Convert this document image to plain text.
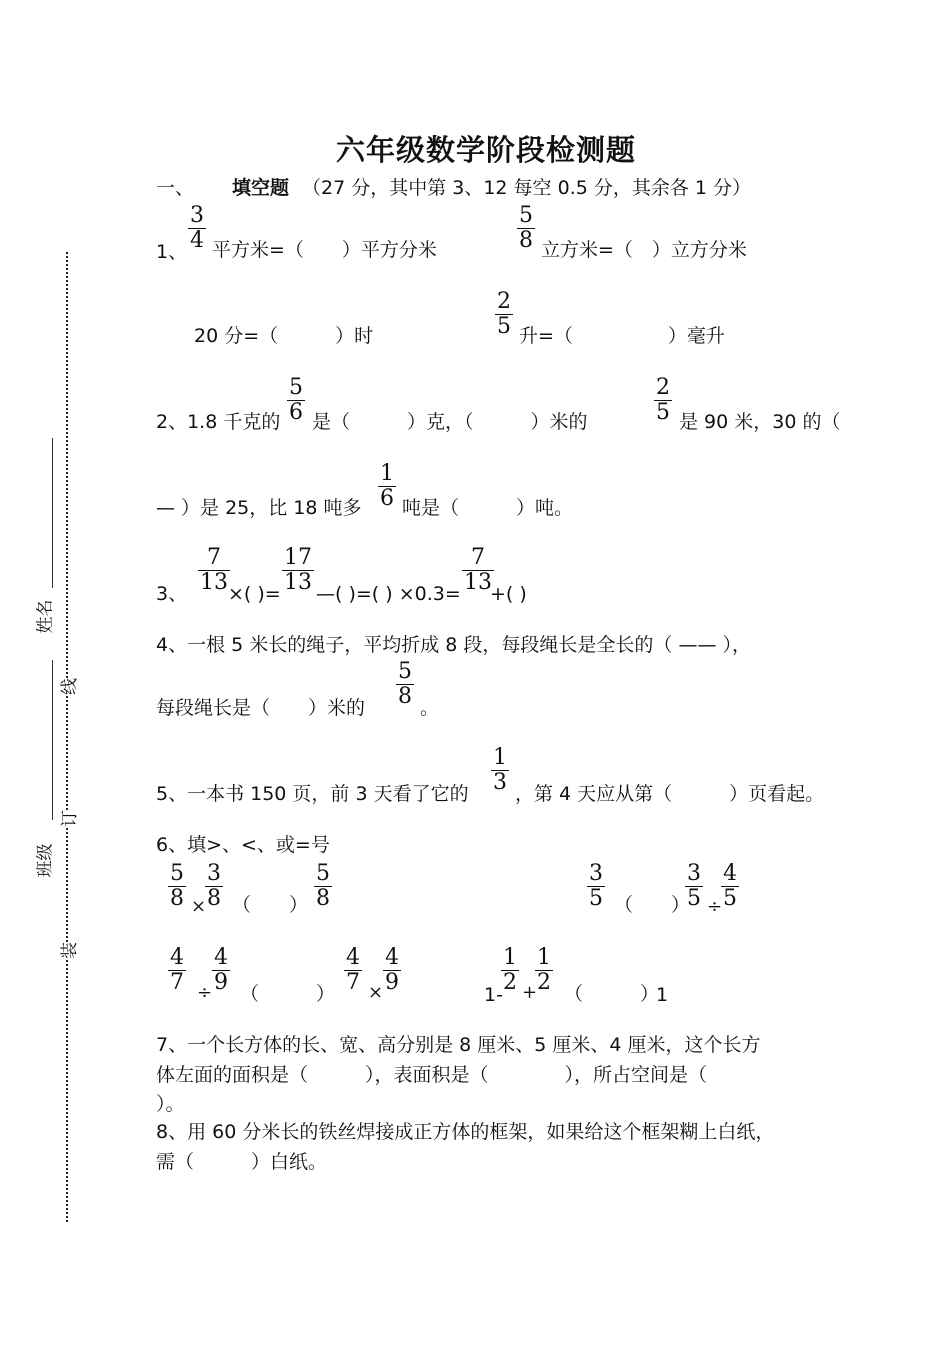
姓名
班级
线
订
装
六年级数学阶段检测题
一、 填空题 （27 分，其中第 3、12 每空 0.5 分，其余各 1 分）
1、
3
4 平方米=（　　）平方分米
5
8 立方米=（　）立方分米
20 分=（　　　）时
2
5 升=（　　　　　）毫升
2、1.8 千克的
5
6 是（　　　）克，（　　　）米的
2
5 是 90 米，30 的（
— ）是 25，比 18 吨多
1
6 吨是（　　　）吨。
3、
7
13 ×( )=
17
13 —( )=( ) ×0.3=
7
13
+( )
4、一根 5 米长的绳子，平均折成 8 段，每段绳长是全长的（ —— ），
每段绳长是（　　）米的
5
8 。
5、一本书 150 页，前 3 天看了它的
1
3 ，第 4 天应从第（　　　）页看起。
6、填>、<、或=号
5
8 ×
3
8 （　　）
5
8
3
5 （　　）
3
5 ÷
4
5
4
7 ÷
4
9 （　　　）
4
7 ×
4
9	1-
1
2 +
1
2 （　　　）
1
7、一个长方体的长、宽、高分别是 8 厘米、5 厘米、4 厘米，这个长方
体左面的面积是（　　　），表面积是（　　　　），所占空间是（
）。
8、用 60 分米长的铁丝焊接成正方体的框架，如果给这个框架糊上白纸，
需（　　　）白纸。
